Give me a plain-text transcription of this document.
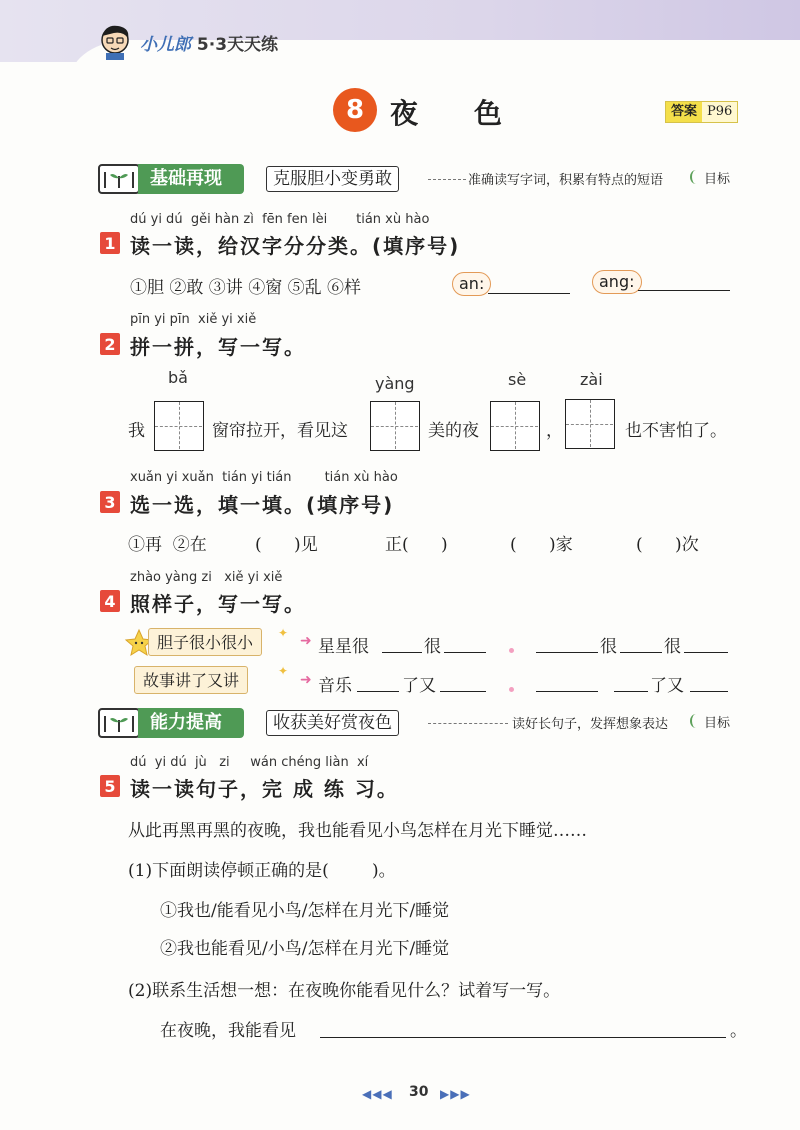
小儿郎 5·3天天练
8 夜色	答案 P96
基础再现	克服胆小变勇敢	准确读写字词，积累有特点的短语	目标
dú yi dú  gěi hàn zì  fēn fen lèi       tián xù hào
1 读一读，给汉字分分类。(填序号)
①胆 ②敢 ③讲 ④窗 ⑤乱 ⑥样	an:	ang:
pīn yi pīn  xiě yi xiě
2 拼一拼，写一写。
bǎ	yàng	sè	zài
我	窗帘拉开，看见这	美的夜	，	也不害怕了。
xuǎn yi xuǎn  tián yi tián        tián xù hào
3 选一选，填一填。(填序号)
①再  ②在	(      )见	正(      )	(      )家	(      )次
zhào yàng zi   xiě yi xiě
4 照样子，写一写。
胆子很小很小	✦ ➜ 星星很	很	很	很
故事讲了又讲	✦
➜ 音乐	了又	了又
能力提高	收获美好赏夜色	读好长句子，发挥想象表达	目标
dú  yi dú  jù   zi     wán chéng liàn  xí
5 读一读句子，完 成 练 习。
从此再黑再黑的夜晚，我也能看见小鸟怎样在月光下睡觉……
(1)下面朗读停顿正确的是(        )。
①我也/能看见小鸟/怎样在月光下/睡觉
②我也能看见/小鸟/怎样在月光下/睡觉
(2)联系生活想一想：在夜晚你能看见什么？试着写一写。
在夜晚，我能看见	。
◀◀◀ 30 ▶▶▶
